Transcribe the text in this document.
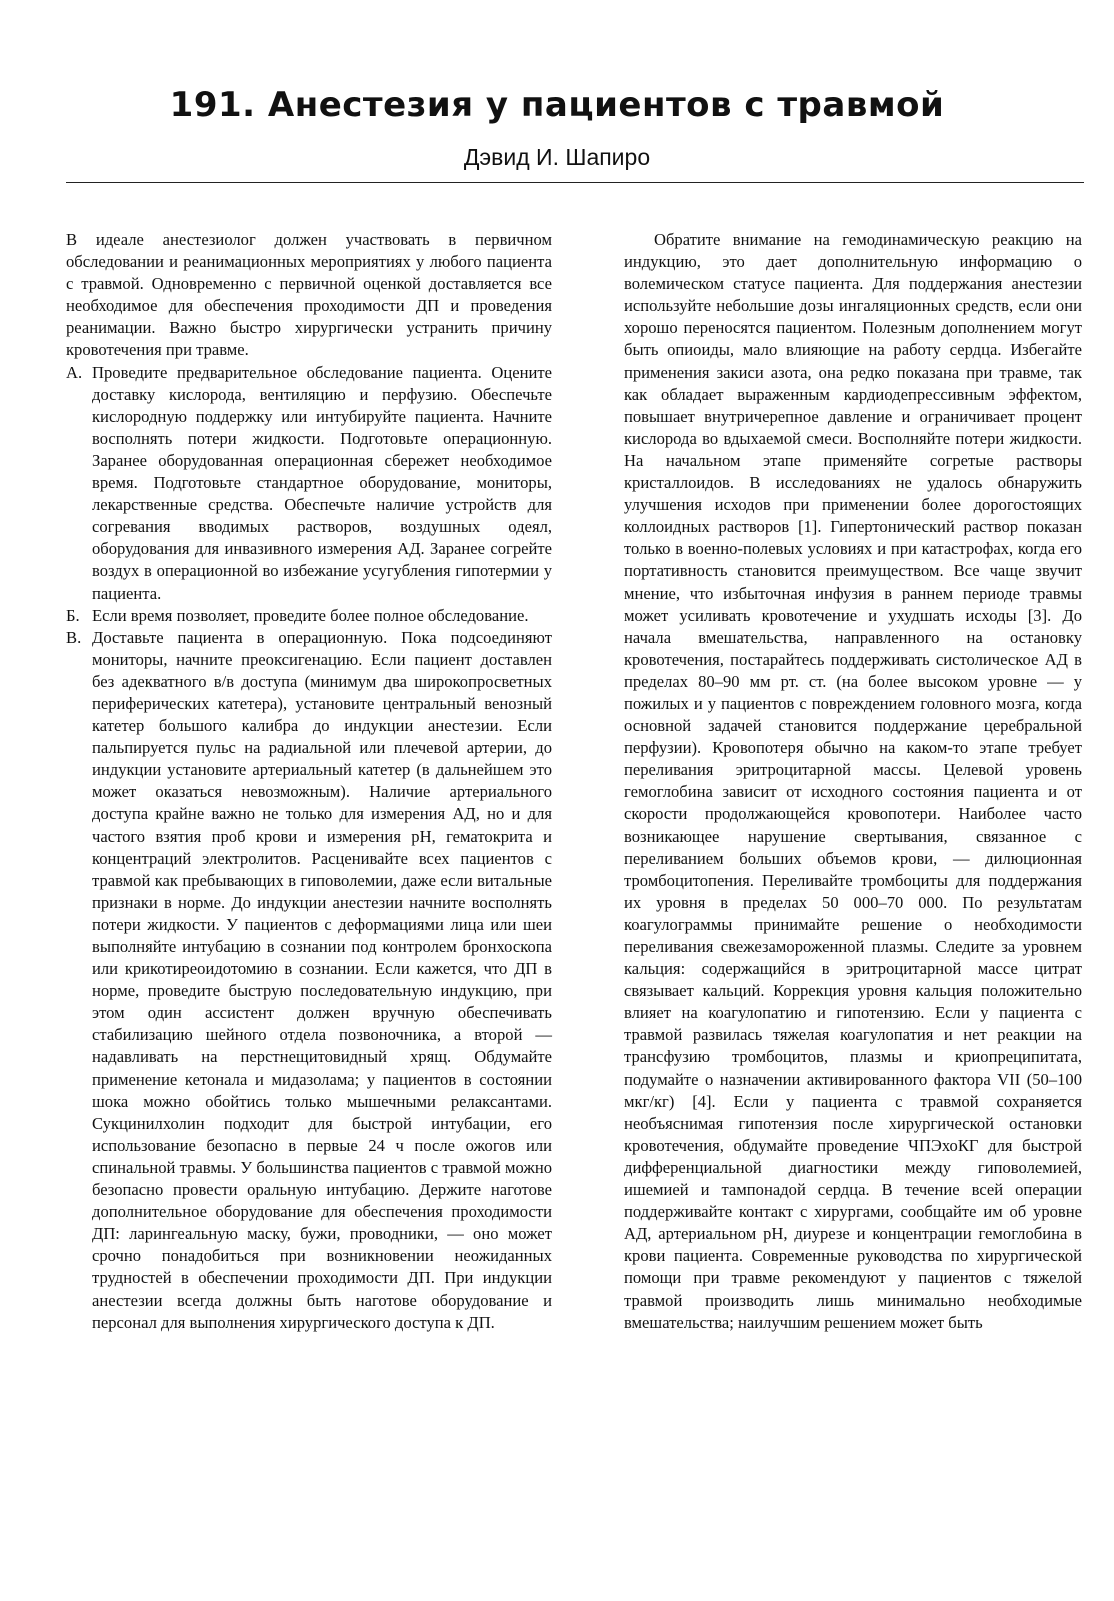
191. Анестезия у пациентов с травмой
Дэвид И. Шапиро

В идеале анестезиолог должен участвовать в первичном обследовании и реанимационных мероприятиях у любого пациента с травмой. Одновременно с первичной оценкой доставляется все необходимое для обеспечения проходимости ДП и проведения реанимации. Важно быстро хирургически устранить причину кровотечения при травме.

А. Проведите предварительное обследование пациента. Оцените доставку кислорода, вентиляцию и перфузию. Обеспечьте кислородную поддержку или интубируйте пациента. Начните восполнять потери жидкости. Подготовьте операционную. Заранее оборудованная операционная сбережет необходимое время. Подготовьте стандартное оборудование, мониторы, лекарственные средства. Обеспечьте наличие устройств для согревания вводимых растворов, воздушных одеял, оборудования для инвазивного измерения АД. Заранее согрейте воздух в операционной во избежание усугубления гипотермии у пациента.
Б. Если время позволяет, проведите более полное обследование.
В. Доставьте пациента в операционную. Пока подсоединяют мониторы, начните преоксигенацию. Если пациент доставлен без адекватного в/в доступа (минимум два широкопросветных периферических катетера), установите центральный венозный катетер большого калибра до индукции анестезии. Если пальпируется пульс на радиальной или плечевой артерии, до индукции установите артериальный катетер (в дальнейшем это может оказаться невозможным). Наличие артериального доступа крайне важно не только для измерения АД, но и для частого взятия проб крови и измерения pH, гематокрита и концентраций электролитов. Расценивайте всех пациентов с травмой как пребывающих в гиповолемии, даже если витальные признаки в норме. До индукции анестезии начните восполнять потери жидкости. У пациентов с деформациями лица или шеи выполняйте интубацию в сознании под контролем бронхоскопа или крикотиреоидотомию в сознании. Если кажется, что ДП в норме, проведите быструю последовательную индукцию, при этом один ассистент должен вручную обеспечивать стабилизацию шейного отдела позвоночника, а второй — надавливать на перстнещитовидный хрящ. Обдумайте применение кетонала и мидазолама; у пациентов в состоянии шока можно обойтись только мышечными релаксантами. Сукцинилхолин подходит для быстрой интубации, его использование безопасно в первые 24 ч после ожогов или спинальной травмы. У большинства пациентов с травмой можно безопасно провести оральную интубацию. Держите наготове дополнительное оборудование для обеспечения проходимости ДП: ларингеальную маску, бужи, проводники, — оно может срочно понадобиться при возникновении неожиданных трудностей в обеспечении проходимости ДП. При индукции анестезии всегда должны быть наготове оборудование и персонал для выполнения хирургического доступа к ДП.

Обратите внимание на гемодинамическую реакцию на индукцию, это дает дополнительную информацию о волемическом статусе пациента. Для поддержания анестезии используйте небольшие дозы ингаляционных средств, если они хорошо переносятся пациентом. Полезным дополнением могут быть опиоиды, мало влияющие на работу сердца. Избегайте применения закиси азота, она редко показана при травме, так как обладает выраженным кардиодепрессивным эффектом, повышает внутричерепное давление и ограничивает процент кислорода во вдыхаемой смеси. Восполняйте потери жидкости. На начальном этапе применяйте согретые растворы кристаллоидов. В исследованиях не удалось обнаружить улучшения исходов при применении более дорогостоящих коллоидных растворов [1]. Гипертонический раствор показан только в военно-полевых условиях и при катастрофах, когда его портативность становится преимуществом. Все чаще звучит мнение, что избыточная инфузия в раннем периоде травмы может усиливать кровотечение и ухудшать исходы [3]. До начала вмешательства, направленного на остановку кровотечения, постарайтесь поддерживать систолическое АД в пределах 80–90 мм рт. ст. (на более высоком уровне — у пожилых и у пациентов с повреждением головного мозга, когда основной задачей становится поддержание церебральной перфузии). Кровопотеря обычно на каком-то этапе требует переливания эритроцитарной массы. Целевой уровень гемоглобина зависит от исходного состояния пациента и от скорости продолжающейся кровопотери. Наиболее часто возникающее нарушение свертывания, связанное с переливанием больших объемов крови, — дилюционная тромбоцитопения. Переливайте тромбоциты для поддержания их уровня в пределах 50 000–70 000. По результатам коагулограммы принимайте решение о необходимости переливания свежезамороженной плазмы. Следите за уровнем кальция: содержащийся в эритроцитарной массе цитрат связывает кальций. Коррекция уровня кальция положительно влияет на коагулопатию и гипотензию. Если у пациента с травмой развилась тяжелая коагулопатия и нет реакции на трансфузию тромбоцитов, плазмы и криопреципитата, подумайте о назначении активированного фактора VII (50–100 мкг/кг) [4]. Если у пациента с травмой сохраняется необъяснимая гипотензия после хирургической остановки кровотечения, обдумайте проведение ЧПЭхоКГ для быстрой дифференциальной диагностики между гиповолемией, ишемией и тампонадой сердца. В течение всей операции поддерживайте контакт с хирургами, сообщайте им об уровне АД, артериальном pH, диурезе и концентрации гемоглобина в крови пациента. Современные руководства по хирургической помощи при травме рекомендуют у пациентов с тяжелой травмой производить лишь минимально необходимые вмешательства; наилучшим решением может быть
